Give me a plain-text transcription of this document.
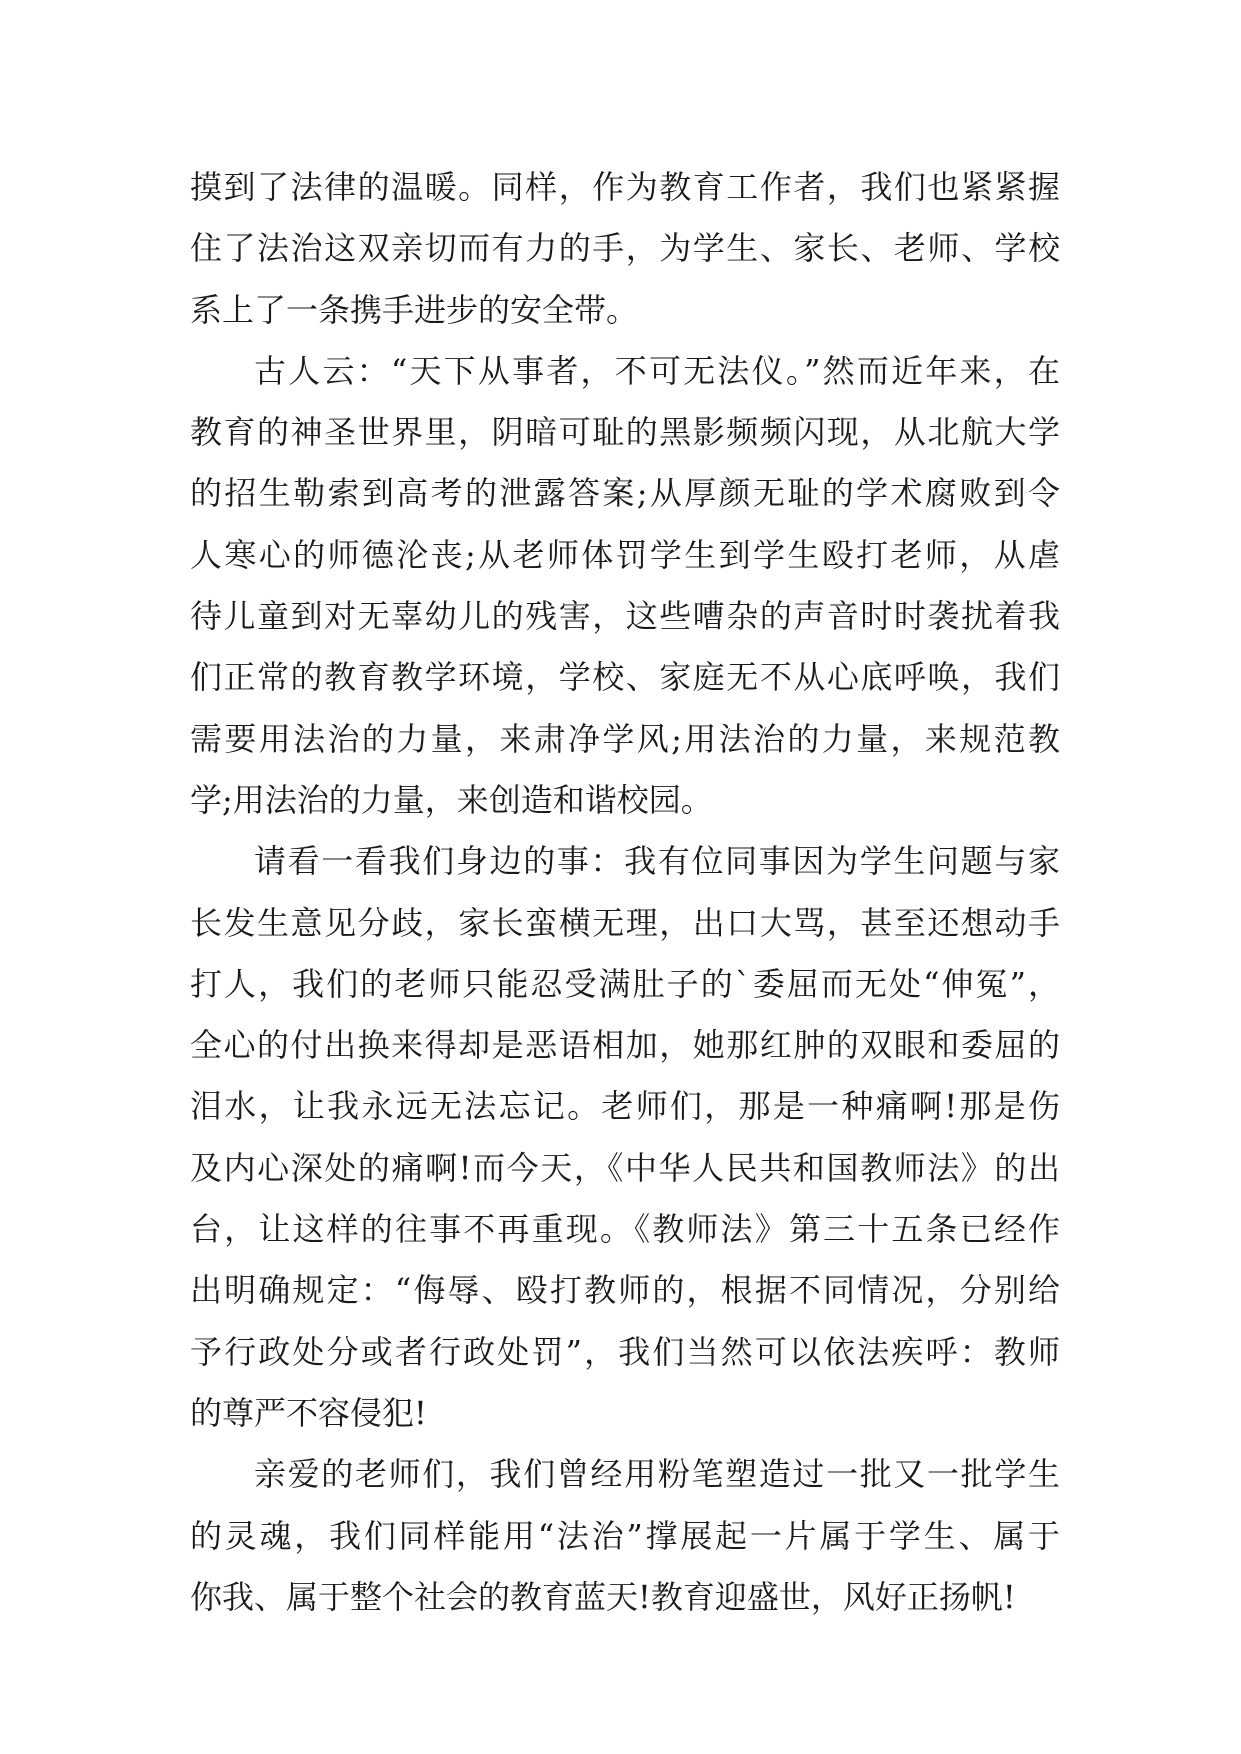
摸到了法律的温暖。同样，作为教育工作者，我们也紧紧握
住了法治这双亲切而有力的手，为学生、家长、老师、学校
系上了一条携手进步的安全带。
古人云：“天下从事者，不可无法仪。”然而近年来，在
教育的神圣世界里，阴暗可耻的黑影频频闪现，从北航大学
的招生勒索到高考的泄露答案;从厚颜无耻的学术腐败到令
人寒心的师德沦丧;从老师体罚学生到学生殴打老师，从虐
待儿童到对无辜幼儿的残害，这些嘈杂的声音时时袭扰着我
们正常的教育教学环境，学校、家庭无不从心底呼唤，我们
需要用法治的力量，来肃净学风;用法治的力量，来规范教
学;用法治的力量，来创造和谐校园。
请看一看我们身边的事：我有位同事因为学生问题与家
长发生意见分歧，家长蛮横无理，出口大骂，甚至还想动手
打人，我们的老师只能忍受满肚子的`委屈而无处“伸冤”，
全心的付出换来得却是恶语相加，她那红肿的双眼和委屈的
泪水，让我永远无法忘记。老师们，那是一种痛啊!那是伤
及内心深处的痛啊!而今天，《中华人民共和国教师法》的出
台，让这样的往事不再重现。《教师法》第三十五条已经作
出明确规定：“侮辱、殴打教师的，根据不同情况，分别给
予行政处分或者行政处罚”，我们当然可以依法疾呼：教师
的尊严不容侵犯!
亲爱的老师们，我们曾经用粉笔塑造过一批又一批学生
的灵魂，我们同样能用“法治”撑展起一片属于学生、属于
你我、属于整个社会的教育蓝天!教育迎盛世，风好正扬帆!
